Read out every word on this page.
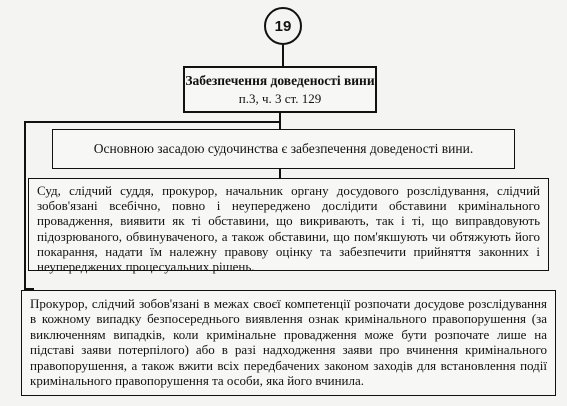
19
Забезпечення доведеності вини
п.3, ч. 3 ст. 129
Основною засадою судочинства є забезпечення доведеності вини.

Суд, слідчий суддя, прокурор, начальник органу досудового розслідування, слідчий зобов'язані всебічно, повно і неупереджено дослідити обставини кримінального провадження, виявити як ті обставини, що викривають, так і ті, що виправдовують підозрюваного, обвинуваченого, а також обставини, що пом'якшують чи обтяжують його покарання, надати їм належну правову оцінку та забезпечити прийняття законних і неупереджених процесуальних рішень.

Прокурор, слідчий зобов'язані в межах своєї компетенції розпочати досудове розслідування в кожному випадку безпосереднього виявлення ознак кримінального правопорушення (за виключенням випадків, коли кримінальне провадження може бути розпочате лише на підставі заяви потерпілого) або в разі надходження заяви про вчинення кримінального правопорушення, а також вжити всіх передбачених законом заходів для встановлення події кримінального правопорушення та особи, яка його вчинила.
